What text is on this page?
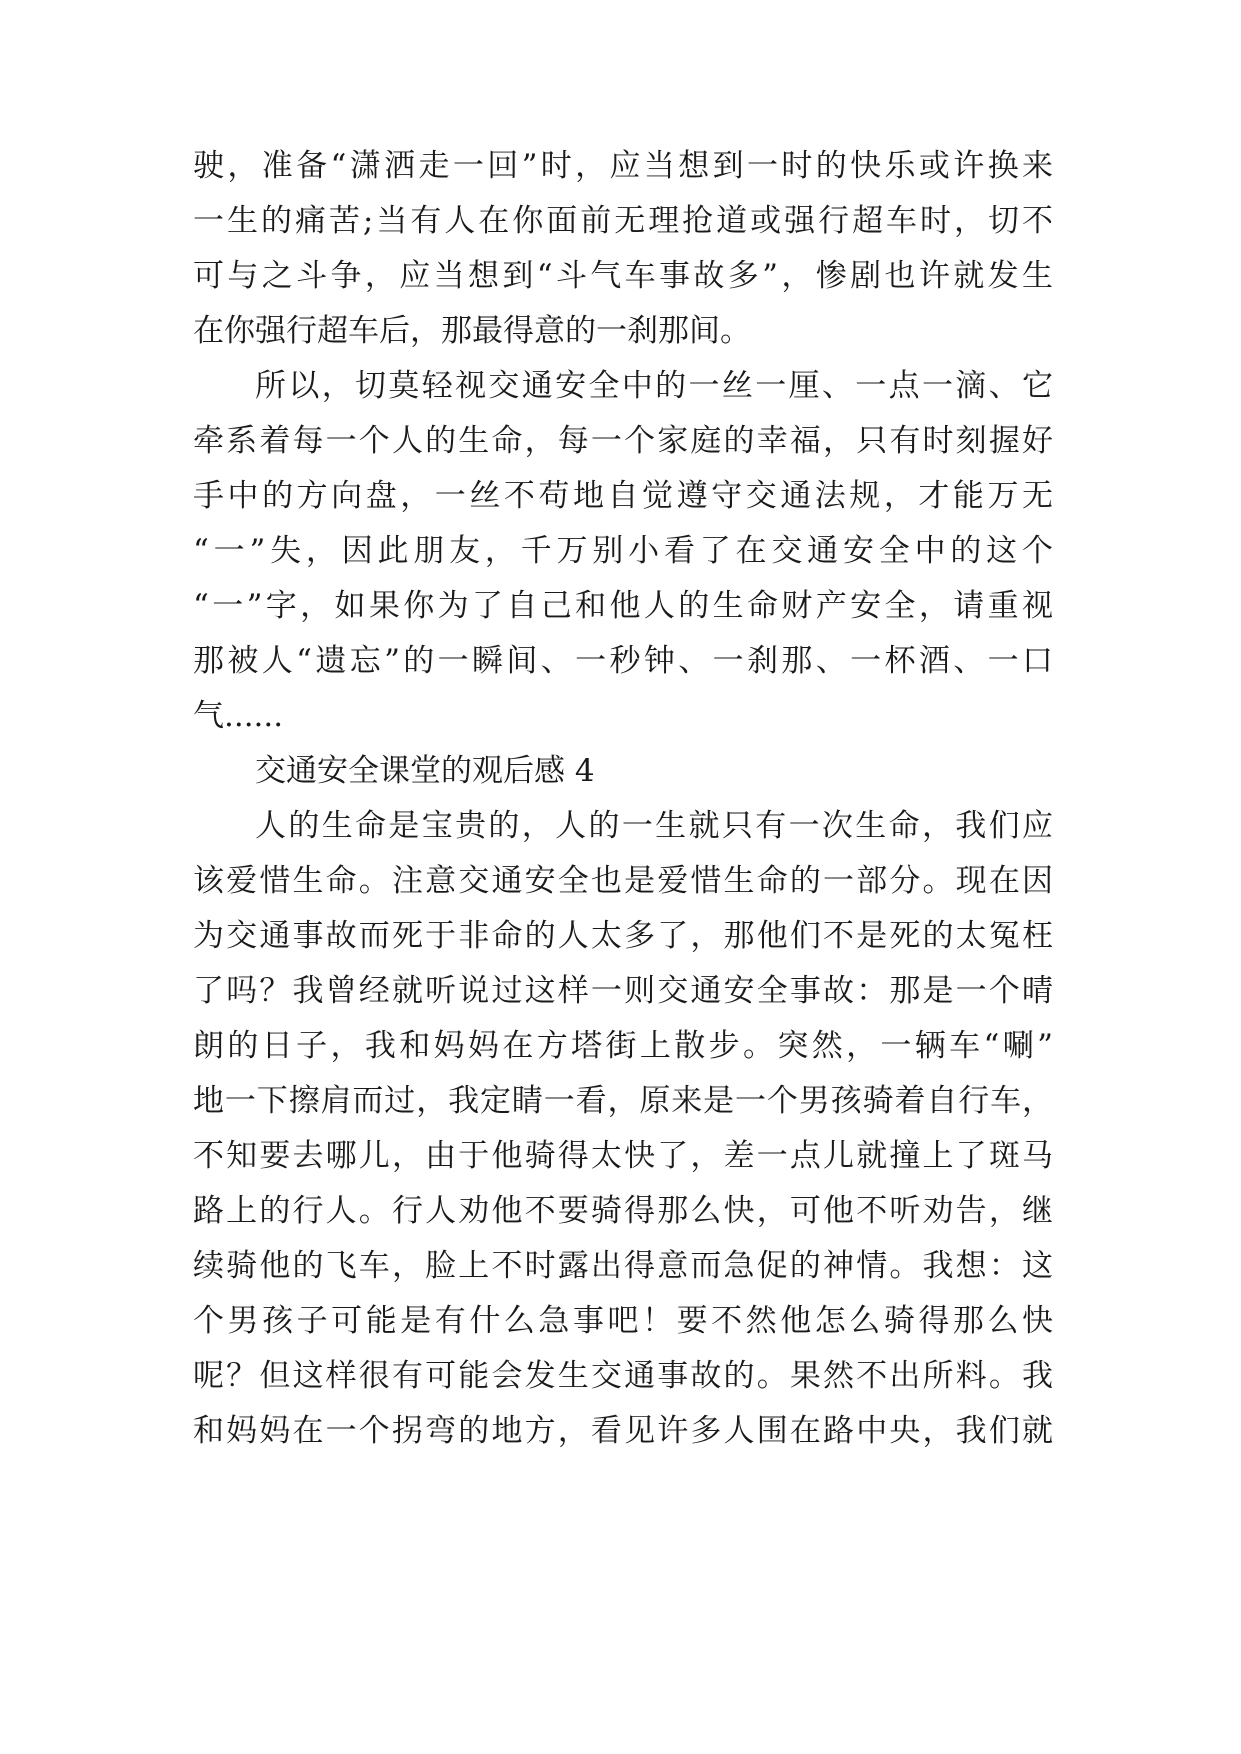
驶，准备“潇洒走一回”时，应当想到一时的快乐或许换来
一生的痛苦;当有人在你面前无理抢道或强行超车时，切不
可与之斗争，应当想到“斗气车事故多”，惨剧也许就发生
在你强行超车后，那最得意的一刹那间。
所以，切莫轻视交通安全中的一丝一厘、一点一滴、它
牵系着每一个人的生命，每一个家庭的幸福，只有时刻握好
手中的方向盘，一丝不苟地自觉遵守交通法规，才能万无
“一”失，因此朋友，千万别小看了在交通安全中的这个
“一”字，如果你为了自己和他人的生命财产安全，请重视
那被人“遗忘”的一瞬间、一秒钟、一刹那、一杯酒、一口
气......
交通安全课堂的观后感 4
人的生命是宝贵的，人的一生就只有一次生命，我们应
该爱惜生命。注意交通安全也是爱惜生命的一部分。现在因
为交通事故而死于非命的人太多了，那他们不是死的太冤枉
了吗？我曾经就听说过这样一则交通安全事故：那是一个晴
朗的日子，我和妈妈在方塔街上散步。突然，一辆车“唰”
地一下擦肩而过，我定睛一看，原来是一个男孩骑着自行车，
不知要去哪儿，由于他骑得太快了，差一点儿就撞上了斑马
路上的行人。行人劝他不要骑得那么快，可他不听劝告，继
续骑他的飞车，脸上不时露出得意而急促的神情。我想：这
个男孩子可能是有什么急事吧！要不然他怎么骑得那么快
呢？但这样很有可能会发生交通事故的。果然不出所料。我
和妈妈在一个拐弯的地方，看见许多人围在路中央，我们就
